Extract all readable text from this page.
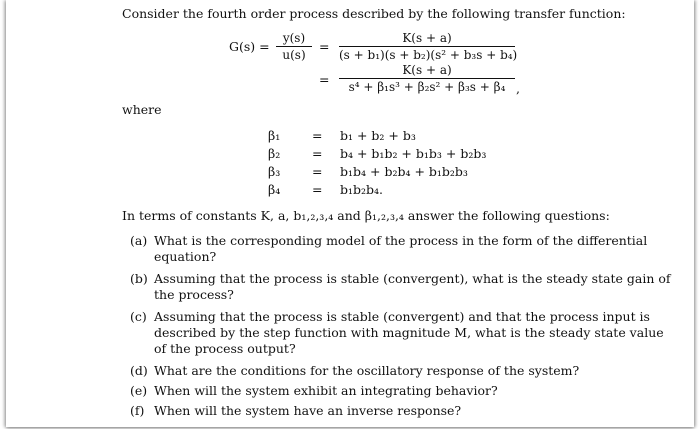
Consider the fourth order process described by the following transfer function:
G(s) =
y(s)
u(s)
=
K(s + a)
(s + b₁)(s + b₂)(s² + b₃s + b₄)
=
K(s + a)
s⁴ + β₁s³ + β₂s² + β₃s + β₄ ,
where
β₁	= b₁ + b₂ + b₃
β₂	= b₄ + b₁b₂ + b₁b₃ + b₂b₃
β₃	= b₁b₄ + b₂b₄ + b₁b₂b₃
β₄	= b₁b₂b₄.
In terms of constants K, a, b₁,₂,₃,₄ and β₁,₂,₃,₄ answer the following questions:
(a) What is the corresponding model of the process in the form of the differential
equation?
(b) Assuming that the process is stable (convergent), what is the steady state gain of
the process?
(c) Assuming that the process is stable (convergent) and that the process input is
described by the step function with magnitude M, what is the steady state value
of the process output?
(d) What are the conditions for the oscillatory response of the system?
(e) When will the system exhibit an integrating behavior?
(f) When will the system have an inverse response?
